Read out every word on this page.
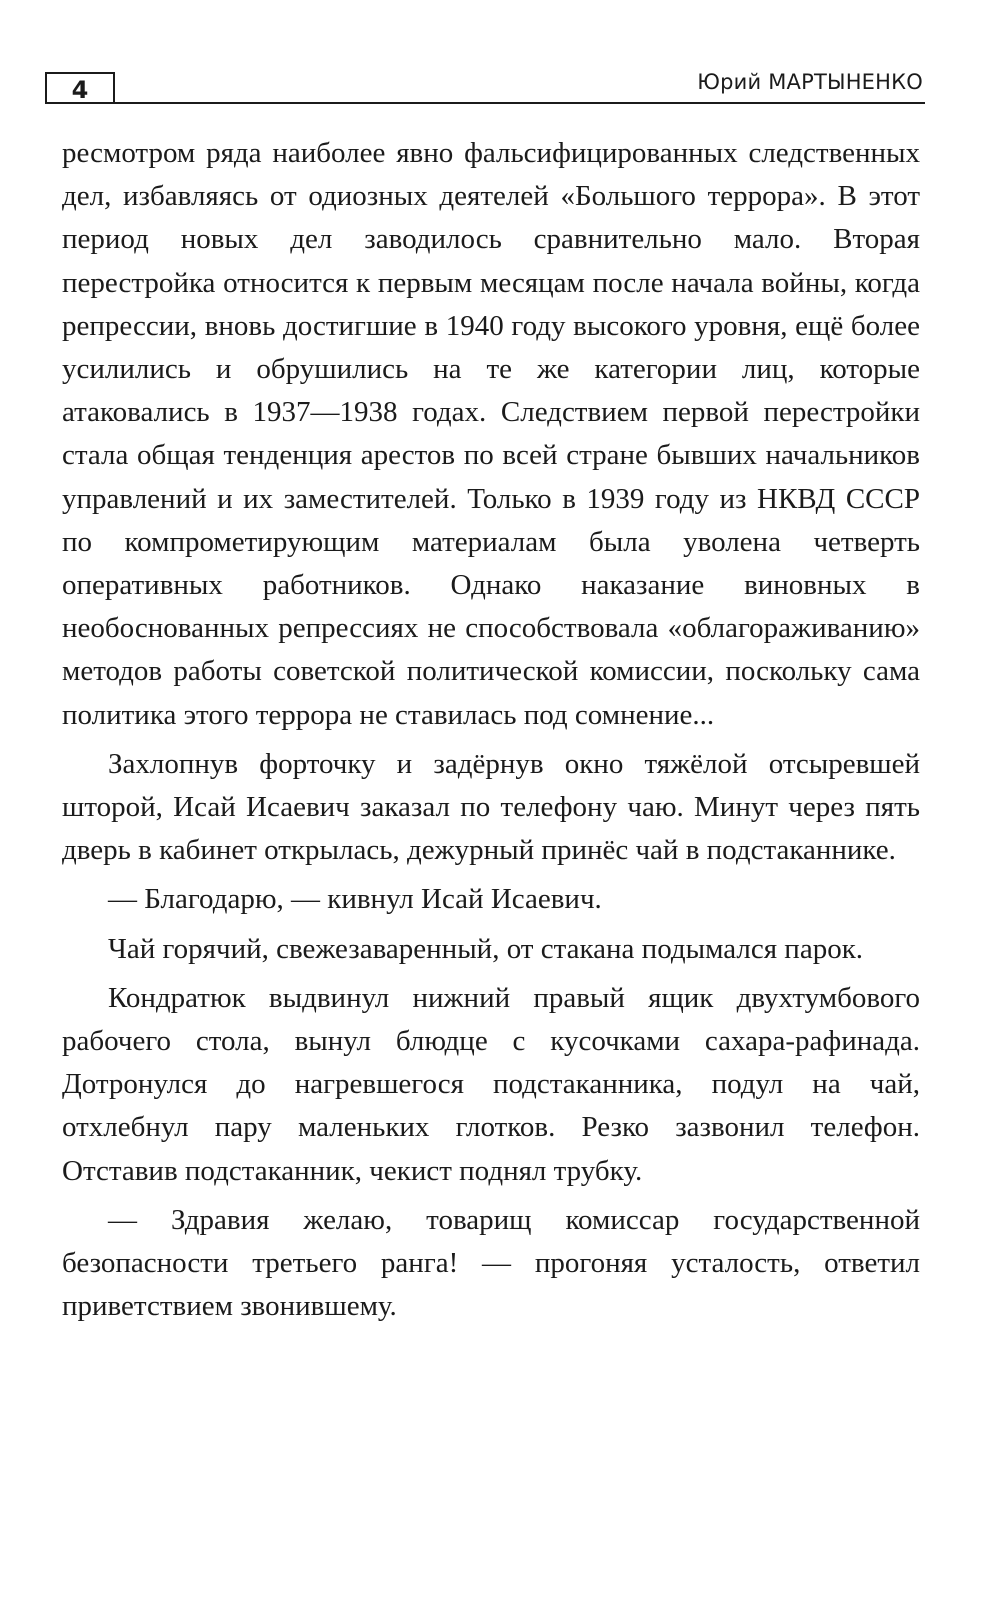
4	Юрий МАРТЫНЕНКО

ресмотром ряда наиболее явно фальсифицированных следственных дел, избавляясь от одиозных деятелей «Большого террора». В этот период новых дел заводилось сравнительно мало. Вторая перестройка относится к первым месяцам после начала войны, когда репрессии, вновь достигшие в 1940 году высокого уровня, ещё более усилились и обрушились на те же категории лиц, которые атаковались в 1937—1938 годах. Следствием первой перестройки стала общая тенденция арестов по всей стране бывших начальников управлений и их заместителей. Только в 1939 году из НКВД СССР по компрометирующим материалам была уволена четверть оперативных работников. Однако наказание виновных в необоснованных репрессиях не способствовала «облагораживанию» методов работы советской политической комиссии, поскольку сама политика этого террора не ставилась под сомнение...

Захлопнув форточку и задёрнув окно тяжёлой отсыревшей шторой, Исай Исаевич заказал по телефону чаю. Минут через пять дверь в кабинет открылась, дежурный принёс чай в подстаканнике.

— Благодарю, — кивнул Исай Исаевич.

Чай горячий, свежезаваренный, от стакана подымался парок.

Кондратюк выдвинул нижний правый ящик двухтумбового рабочего стола, вынул блюдце с кусочками сахара-рафинада. Дотронулся до нагревшегося подстаканника, подул на чай, отхлебнул пару маленьких глотков. Резко зазвонил телефон. Отставив подстаканник, чекист поднял трубку.

— Здравия желаю, товарищ комиссар государственной безопасности третьего ранга! — прогоняя усталость, ответил приветствием звонившему.
